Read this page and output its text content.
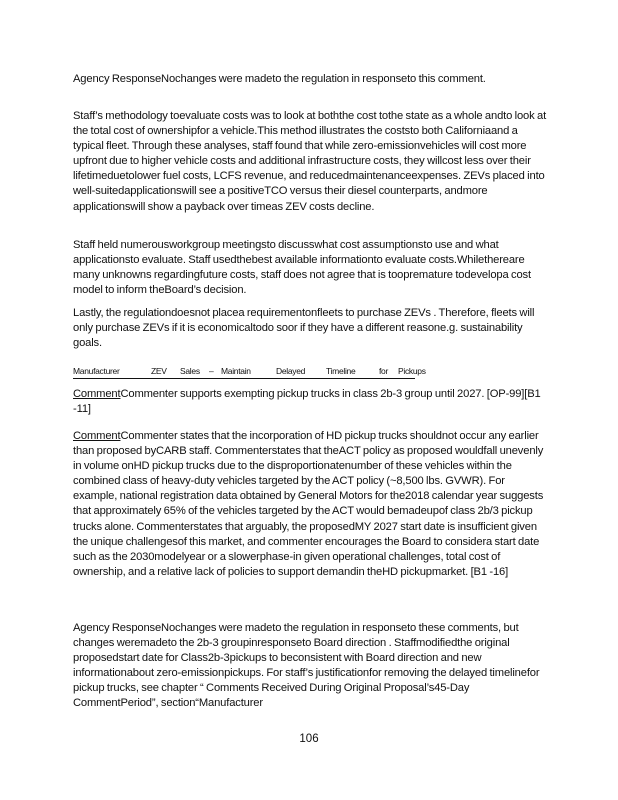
Agency ResponseNochanges were madeto the regulation in responseto this comment.

Staff’s methodology toevaluate costs was to look at boththe cost tothe state as a whole andto look at the total cost of ownershipfor a vehicle.This method illustrates the coststo both Californiaand a typical fleet. Through these analyses, staff found that while zero-emissionvehicles will cost more upfront due to higher vehicle costs and additional infrastructure costs, they willcost less over their lifetimeduetolower fuel costs, LCFS revenue, and reducedmaintenanceexpenses. ZEVs placed into well-suitedapplicationswill see a positiveTCO versus their diesel counterparts, andmore applicationswill show a payback over timeas ZEV costs decline.

Staff held numerousworkgroup meetingsto discusswhat cost assumptionsto use and what applicationsto evaluate. Staff usedthebest available informationto evaluate costs.Whilethereare many unknowns regardingfuture costs, staff does not agree that is toopremature todevelopa cost model to inform theBoard’s decision.

Lastly, the regulationdoesnot placea requirementonfleets to purchase ZEVs . Therefore, fleets will only purchase ZEVs if it is economicaltodo soor if they have a different reasone.g. sustainability goals.

Manufacturer	ZEV Sales – Maintain	Delayed Timeline	for Pickups

CommentCommenter supports exempting pickup trucks in class 2b-3 group until 2027. [OP-99][B1 -11]

CommentCommenter states that the incorporation of HD pickup trucks shouldnot occur any earlier than proposed byCARB staff. Commenterstates that theACT policy as proposed wouldfall unevenly in volume onHD pickup trucks due to the disproportionatenumber of these vehicles within the combined class of heavy-duty vehicles targeted by the ACT policy (~8,500 lbs. GVWR). For example, national registration data obtained by General Motors for the2018 calendar year suggests that approximately 65% of the vehicles targeted by the ACT would bemadeupof class 2b/3 pickup trucks alone. Commenterstates that arguably, the proposedMY 2027 start date is insufficient given the unique challengesof this market, and commenter encourages the Board to considera start date such as the 2030modelyear or a slowerphase-in given operational challenges, total cost of ownership, and a relative lack of policies to support demandin theHD pickupmarket. [B1 -16]

Agency ResponseNochanges were madeto the regulation in responseto these comments, but changes weremadeto the 2b-3 groupinresponseto Board direction . Staffmodifiedthe original proposedstart date for Class2b-3pickups to beconsistent with Board direction and new informationabout zero-emissionpickups. For staff’s justificationfor removing the delayed timelinefor pickup trucks, see chapter “ Comments Received During Original Proposal’s45-Day CommentPeriod”, section“Manufacturer

106
